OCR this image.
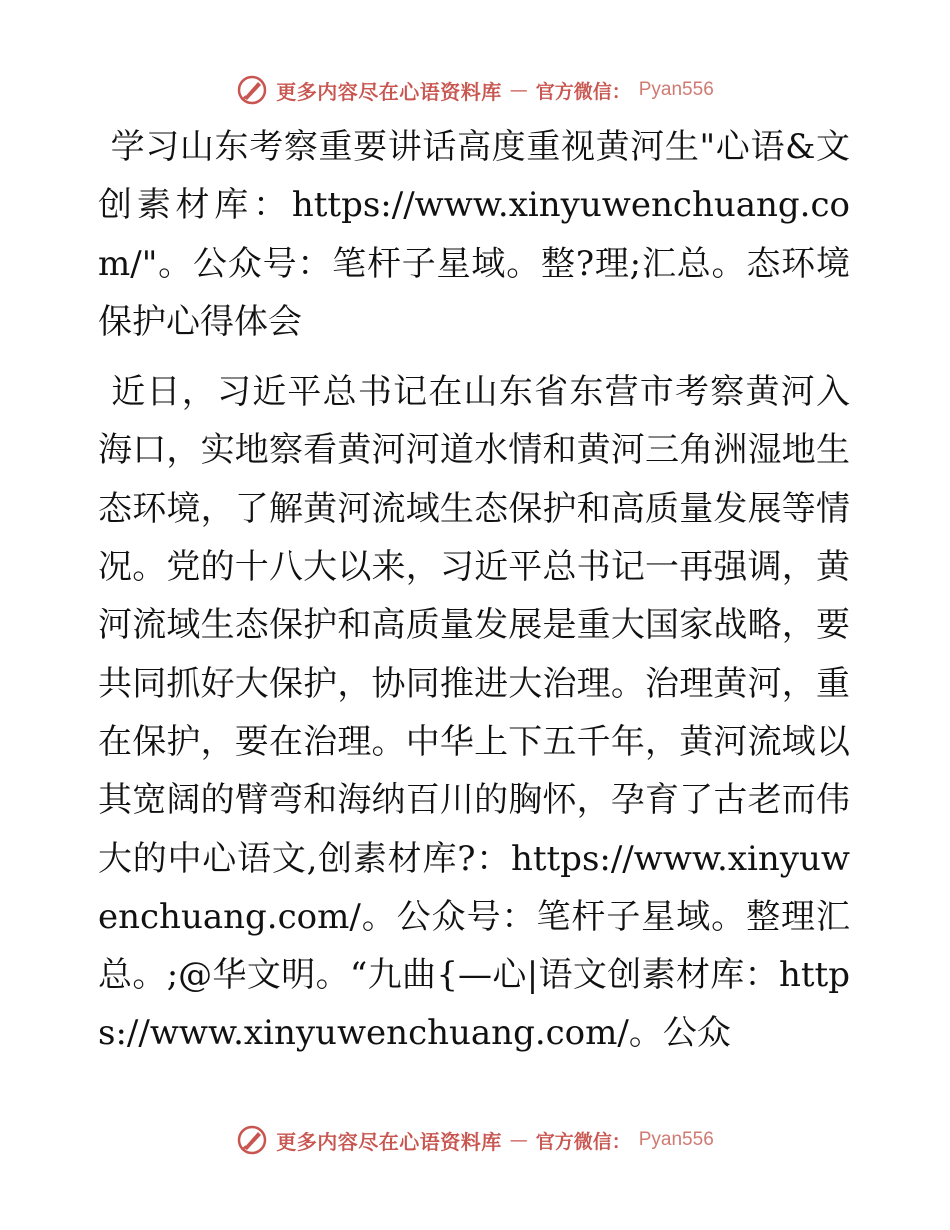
更多内容尽在心语资料库 — 官方微信： Pyan556

学习山东考察重要讲话高度重视黄河生"心语&文创素材库：https://www.xinyuwenchuang.com/"。公众号：笔杆子星域。整?理;汇总。态环境保护心得体会

近日，习近平总书记在山东省东营市考察黄河入海口，实地察看黄河河道水情和黄河三角洲湿地生态环境，了解黄河流域生态保护和高质量发展等情况。党的十八大以来，习近平总书记一再强调，黄河流域生态保护和高质量发展是重大国家战略，要共同抓好大保护，协同推进大治理。治理黄河，重在保护，要在治理。中华上下五千年，黄河流域以其宽阔的臂弯和海纳百川的胸怀，孕育了古老而伟大的中心语文,创素材库?：https://www.xinyuwenchuang.com/。公众号：笔杆子星域。整理汇总。;@华文明。“九曲{—心|语文创素材库：https://www.xinyuwenchuang.com/。公众

更多内容尽在心语资料库 — 官方微信： Pyan556
